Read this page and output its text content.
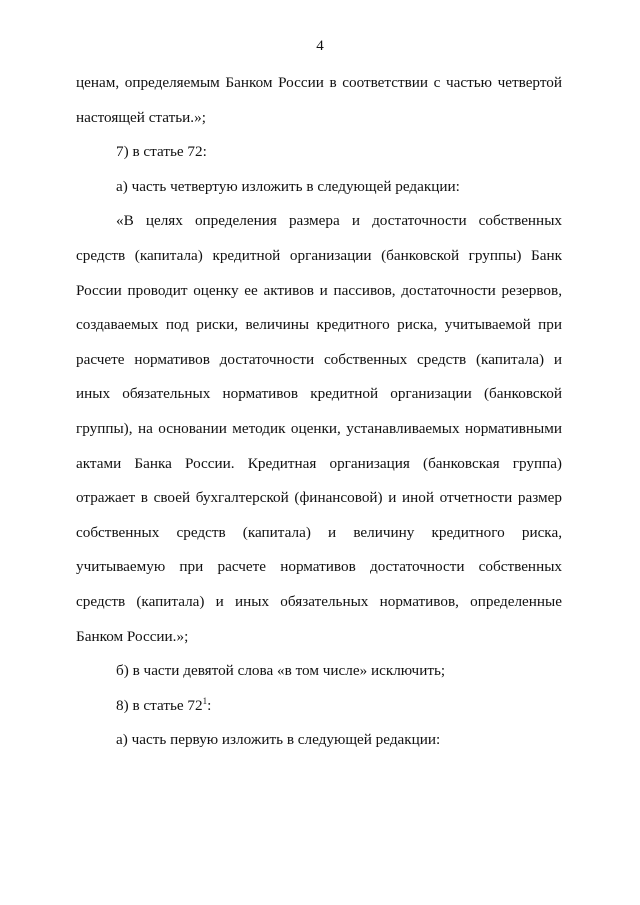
4

ценам, определяемым Банком России в соответствии с частью четвертой настоящей статьи.»;

7) в статье 72:

а) часть четвертую изложить в следующей редакции:

«В целях определения размера и достаточности собственных средств (капитала) кредитной организации (банковской группы) Банк России проводит оценку ее активов и пассивов, достаточности резервов, создаваемых под риски, величины кредитного риска, учитываемой при расчете нормативов достаточности собственных средств (капитала) и иных обязательных нормативов кредитной организации (банковской группы), на основании методик оценки, устанавливаемых нормативными актами Банка России. Кредитная организация (банковская группа) отражает в своей бухгалтерской (финансовой) и иной отчетности размер собственных средств (капитала) и величину кредитного риска, учитываемую при расчете нормативов достаточности собственных средств (капитала) и иных обязательных нормативов, определенные Банком России.»;

б) в части девятой слова «в том числе» исключить;

8) в статье $72^1$:

а) часть первую изложить в следующей редакции:
